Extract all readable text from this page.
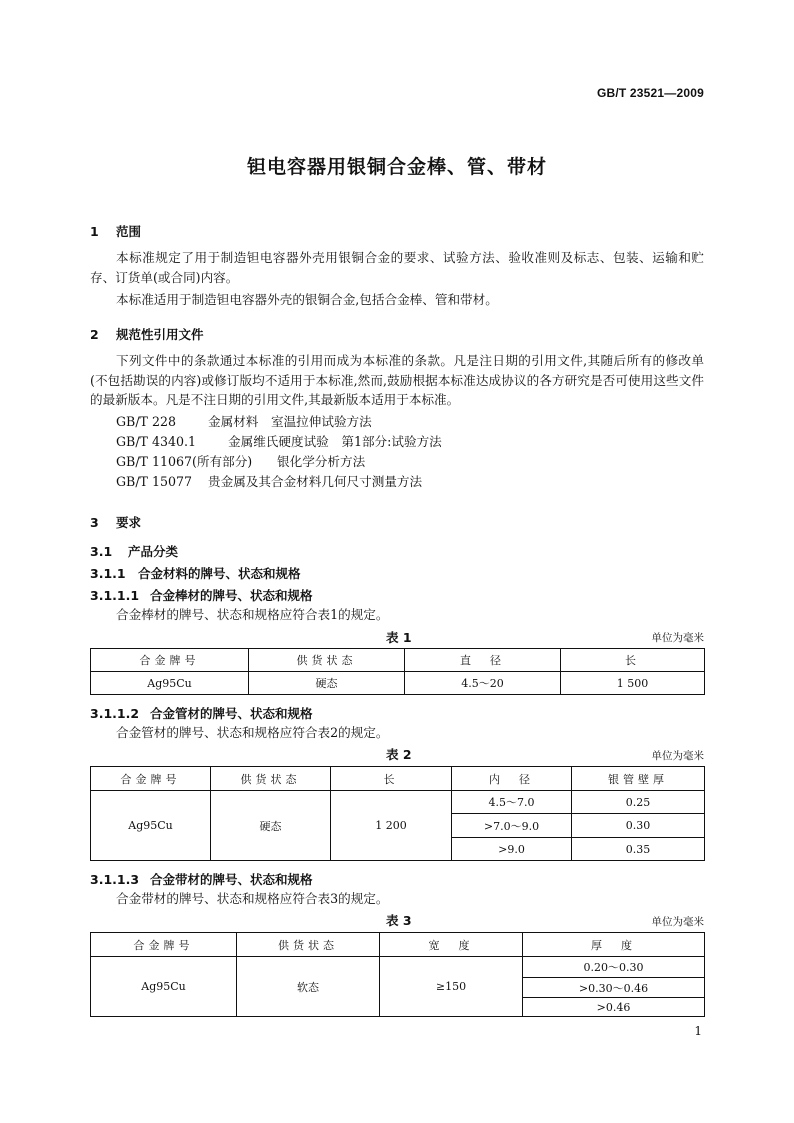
GB/T 23521—2009
钽电容器用银铜合金棒、管、带材
1 范围
本标准规定了用于制造钽电容器外壳用银铜合金的要求、试验方法、验收准则及标志、包装、运输和贮存、订货单(或合同)内容。
本标准适用于制造钽电容器外壳的银铜合金,包括合金棒、管和带材。
2 规范性引用文件
下列文件中的条款通过本标准的引用而成为本标准的条款。凡是注日期的引用文件,其随后所有的修改单(不包括勘误的内容)或修订版均不适用于本标准,然而,鼓励根据本标准达成协议的各方研究是否可使用这些文件的最新版本。凡是不注日期的引用文件,其最新版本适用于本标准。
GB/T 228	金属材料　室温拉伸试验方法
GB/T 4340.1	金属维氏硬度试验　第1部分:试验方法
GB/T 11067(所有部分) 银化学分析方法
GB/T 15077 贵金属及其合金材料几何尺寸测量方法
3 要求
3.1 产品分类
3.1.1 合金材料的牌号、状态和规格
3.1.1.1 合金棒材的牌号、状态和规格
合金棒材的牌号、状态和规格应符合表1的规定。
表 1	单位为毫米
合金牌号	供货状态	直　径	长
Ag95Cu	硬态	4.5～20	1 500
3.1.1.2 合金管材的牌号、状态和规格
合金管材的牌号、状态和规格应符合表2的规定。
表 2	单位为毫米
合金牌号	供货状态	长	内　径	银管壁厚
Ag95Cu	硬态	1 200	4.5～7.0	0.25
			>7.0～9.0	0.30
			>9.0	0.35
3.1.1.3 合金带材的牌号、状态和规格
合金带材的牌号、状态和规格应符合表3的规定。
表 3	单位为毫米
合金牌号	供货状态	宽　度	厚　度
Ag95Cu	软态	≥150	0.20～0.30
			>0.30～0.46
			>0.46
1
